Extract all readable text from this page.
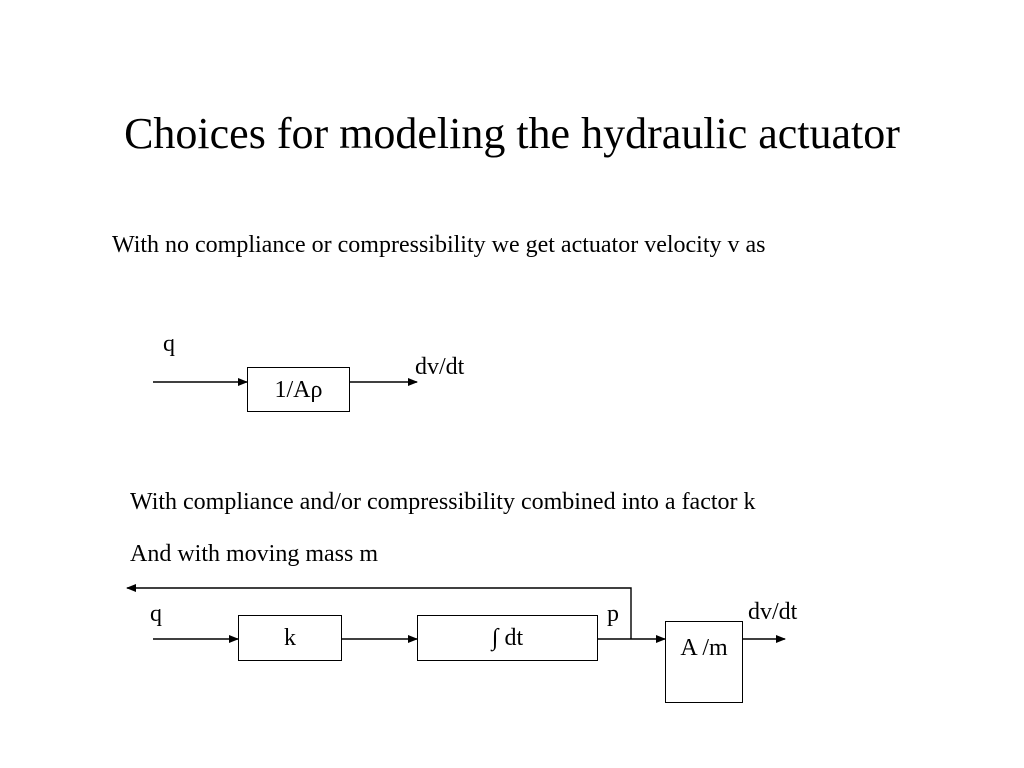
Choices for modeling the hydraulic actuator
With no compliance or compressibility we get actuator velocity v as
q
1/Aρ
dv/dt
With compliance and/or compressibility combined into a factor k
And with moving mass m
q
k	∫ dt
p
A /m
dv/dt
